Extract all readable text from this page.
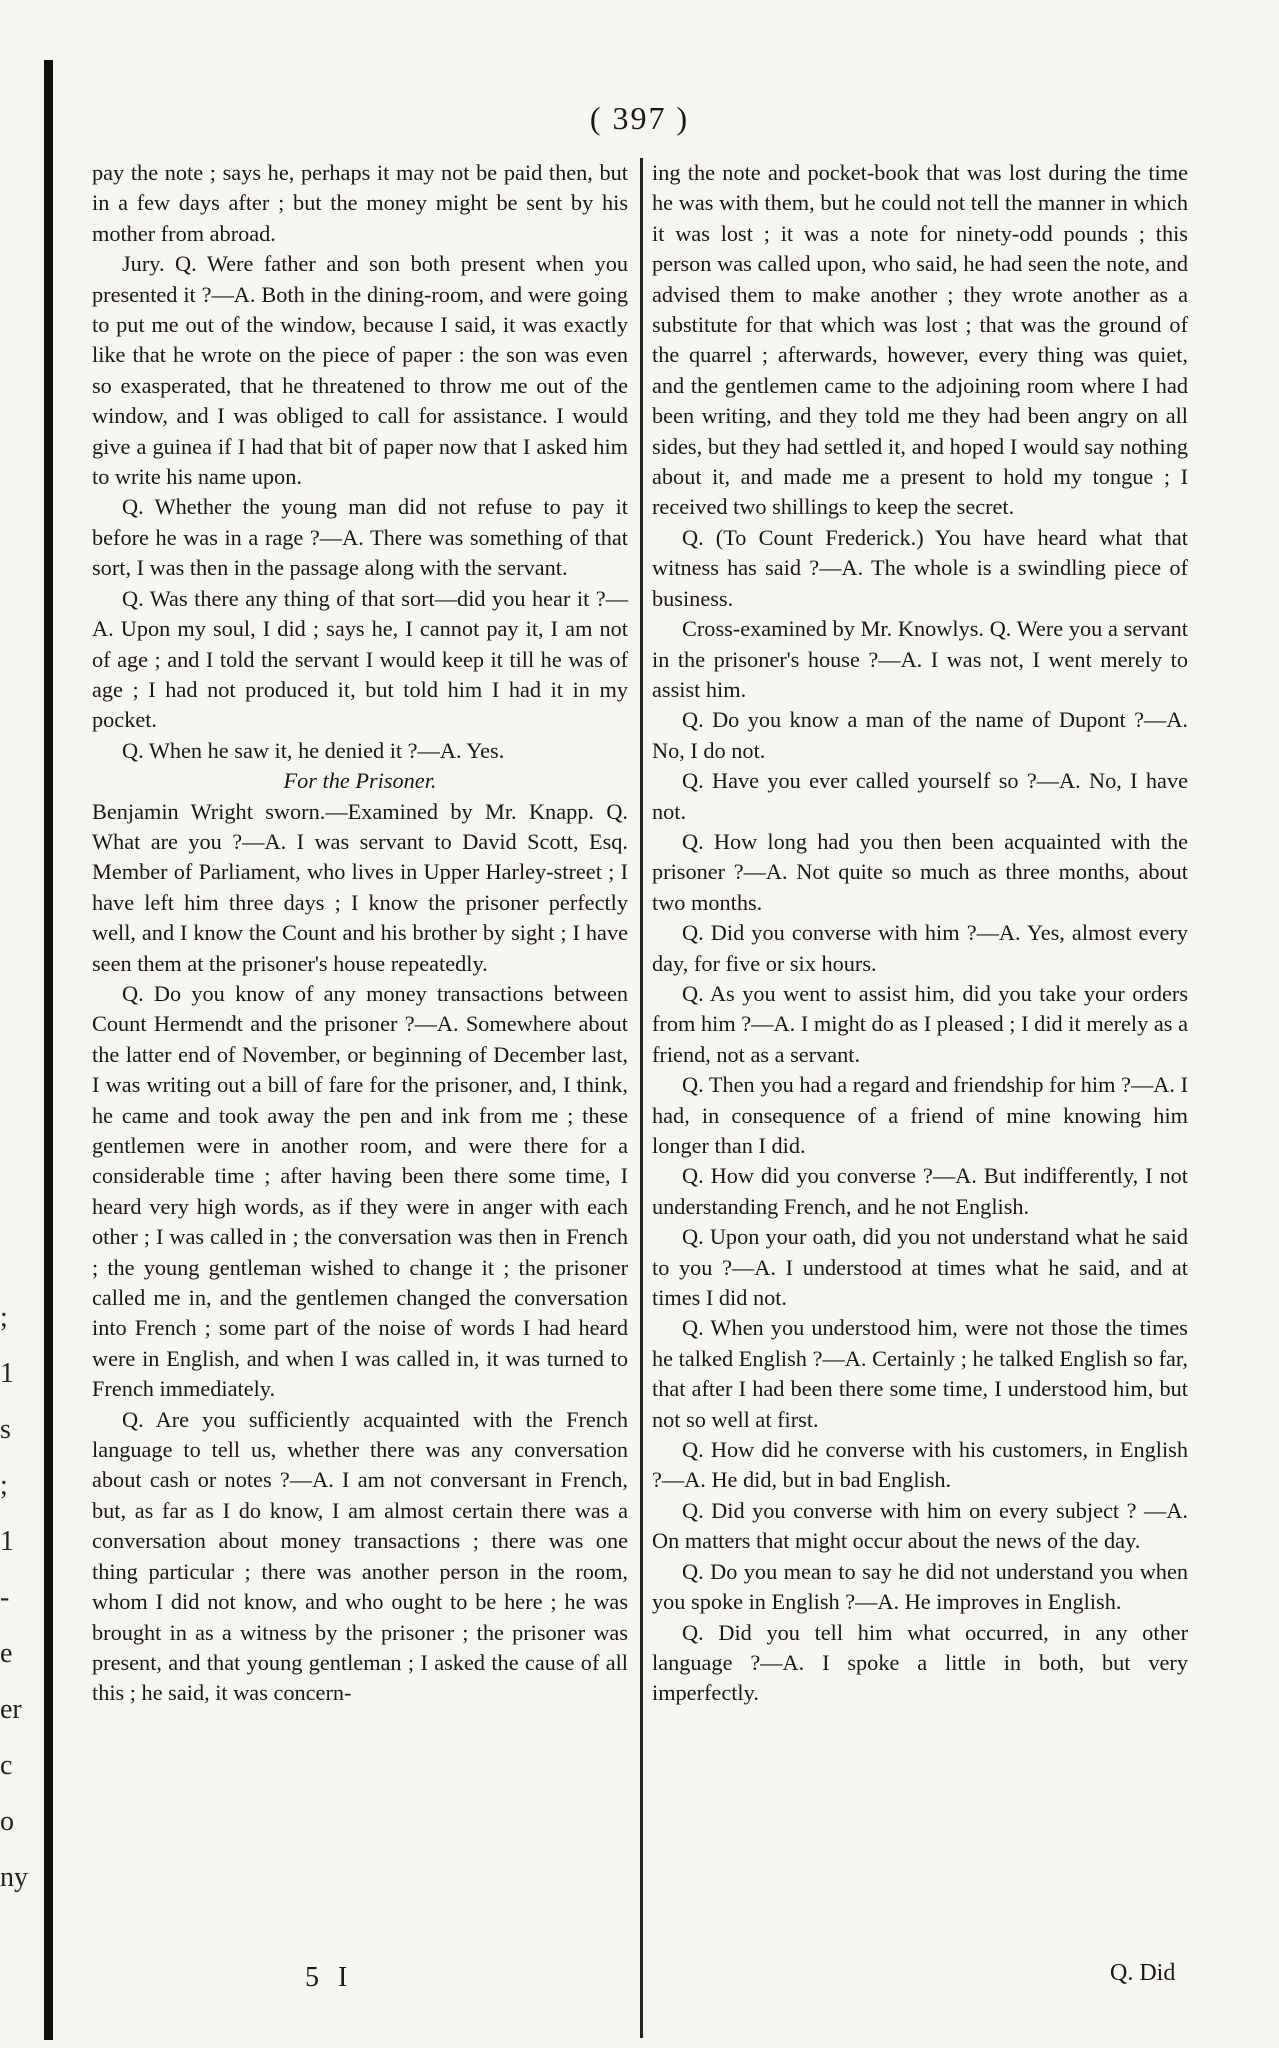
;
1
s
;
1
-
e
er
c
o
ny
( 397 )

pay the note ; says he, perhaps it may not be paid then, but in a few days after ; but the money might be sent by his mother from abroad.

Jury. Q. Were father and son both present when you presented it ?—A. Both in the dining-room, and were going to put me out of the window, because I said, it was exactly like that he wrote on the piece of paper : the son was even so exasperated, that he threatened to throw me out of the window, and I was obliged to call for assistance. I would give a guinea if I had that bit of paper now that I asked him to write his name upon.

Q. Whether the young man did not refuse to pay it before he was in a rage ?—A. There was something of that sort, I was then in the passage along with the servant.

Q. Was there any thing of that sort—did you hear it ?—A. Upon my soul, I did ; says he, I cannot pay it, I am not of age ; and I told the servant I would keep it till he was of age ; I had not produced it, but told him I had it in my pocket.

Q. When he saw it, he denied it ?—A. Yes.

For the Prisoner.

Benjamin Wright sworn.—Examined by Mr. Knapp. Q. What are you ?—A. I was servant to David Scott, Esq. Member of Parliament, who lives in Upper Harley-street ; I have left him three days ; I know the prisoner perfectly well, and I know the Count and his brother by sight ; I have seen them at the prisoner's house repeatedly.

Q. Do you know of any money transactions between Count Hermendt and the prisoner ?—A. Somewhere about the latter end of November, or beginning of December last, I was writing out a bill of fare for the prisoner, and, I think, he came and took away the pen and ink from me ; these gentlemen were in another room, and were there for a considerable time ; after having been there some time, I heard very high words, as if they were in anger with each other ; I was called in ; the conversation was then in French ; the young gentleman wished to change it ; the prisoner called me in, and the gentlemen changed the conversation into French ; some part of the noise of words I had heard were in English, and when I was called in, it was turned to French immediately.

Q. Are you sufficiently acquainted with the French language to tell us, whether there was any conversation about cash or notes ?—A. I am not conversant in French, but, as far as I do know, I am almost certain there was a conversation about money transactions ; there was one thing particular ; there was another person in the room, whom I did not know, and who ought to be here ; he was brought in as a witness by the prisoner ; the prisoner was present, and that young gentleman ; I asked the cause of all this ; he said, it was concern-

ing the note and pocket-book that was lost during the time he was with them, but he could not tell the manner in which it was lost ; it was a note for ninety-odd pounds ; this person was called upon, who said, he had seen the note, and advised them to make another ; they wrote another as a substitute for that which was lost ; that was the ground of the quarrel ; afterwards, however, every thing was quiet, and the gentlemen came to the adjoining room where I had been writing, and they told me they had been angry on all sides, but they had settled it, and hoped I would say nothing about it, and made me a present to hold my tongue ; I received two shillings to keep the secret.

Q. (To Count Frederick.) You have heard what that witness has said ?—A. The whole is a swindling piece of business.

Cross-examined by Mr. Knowlys. Q. Were you a servant in the prisoner's house ?—A. I was not, I went merely to assist him.

Q. Do you know a man of the name of Dupont ?—A. No, I do not.

Q. Have you ever called yourself so ?—A. No, I have not.

Q. How long had you then been acquainted with the prisoner ?—A. Not quite so much as three months, about two months.

Q. Did you converse with him ?—A. Yes, almost every day, for five or six hours.

Q. As you went to assist him, did you take your orders from him ?—A. I might do as I pleased ; I did it merely as a friend, not as a servant.

Q. Then you had a regard and friendship for him ?—A. I had, in consequence of a friend of mine knowing him longer than I did.

Q. How did you converse ?—A. But indifferently, I not understanding French, and he not English.

Q. Upon your oath, did you not understand what he said to you ?—A. I understood at times what he said, and at times I did not.

Q. When you understood him, were not those the times he talked English ?—A. Certainly ; he talked English so far, that after I had been there some time, I understood him, but not so well at first.

Q. How did he converse with his customers, in English ?—A. He did, but in bad English.

Q. Did you converse with him on every subject ? —A. On matters that might occur about the news of the day.

Q. Do you mean to say he did not understand you when you spoke in English ?—A. He improves in English.

Q. Did you tell him what occurred, in any other language ?—A. I spoke a little in both, but very imperfectly.

5 I	Q. Did
